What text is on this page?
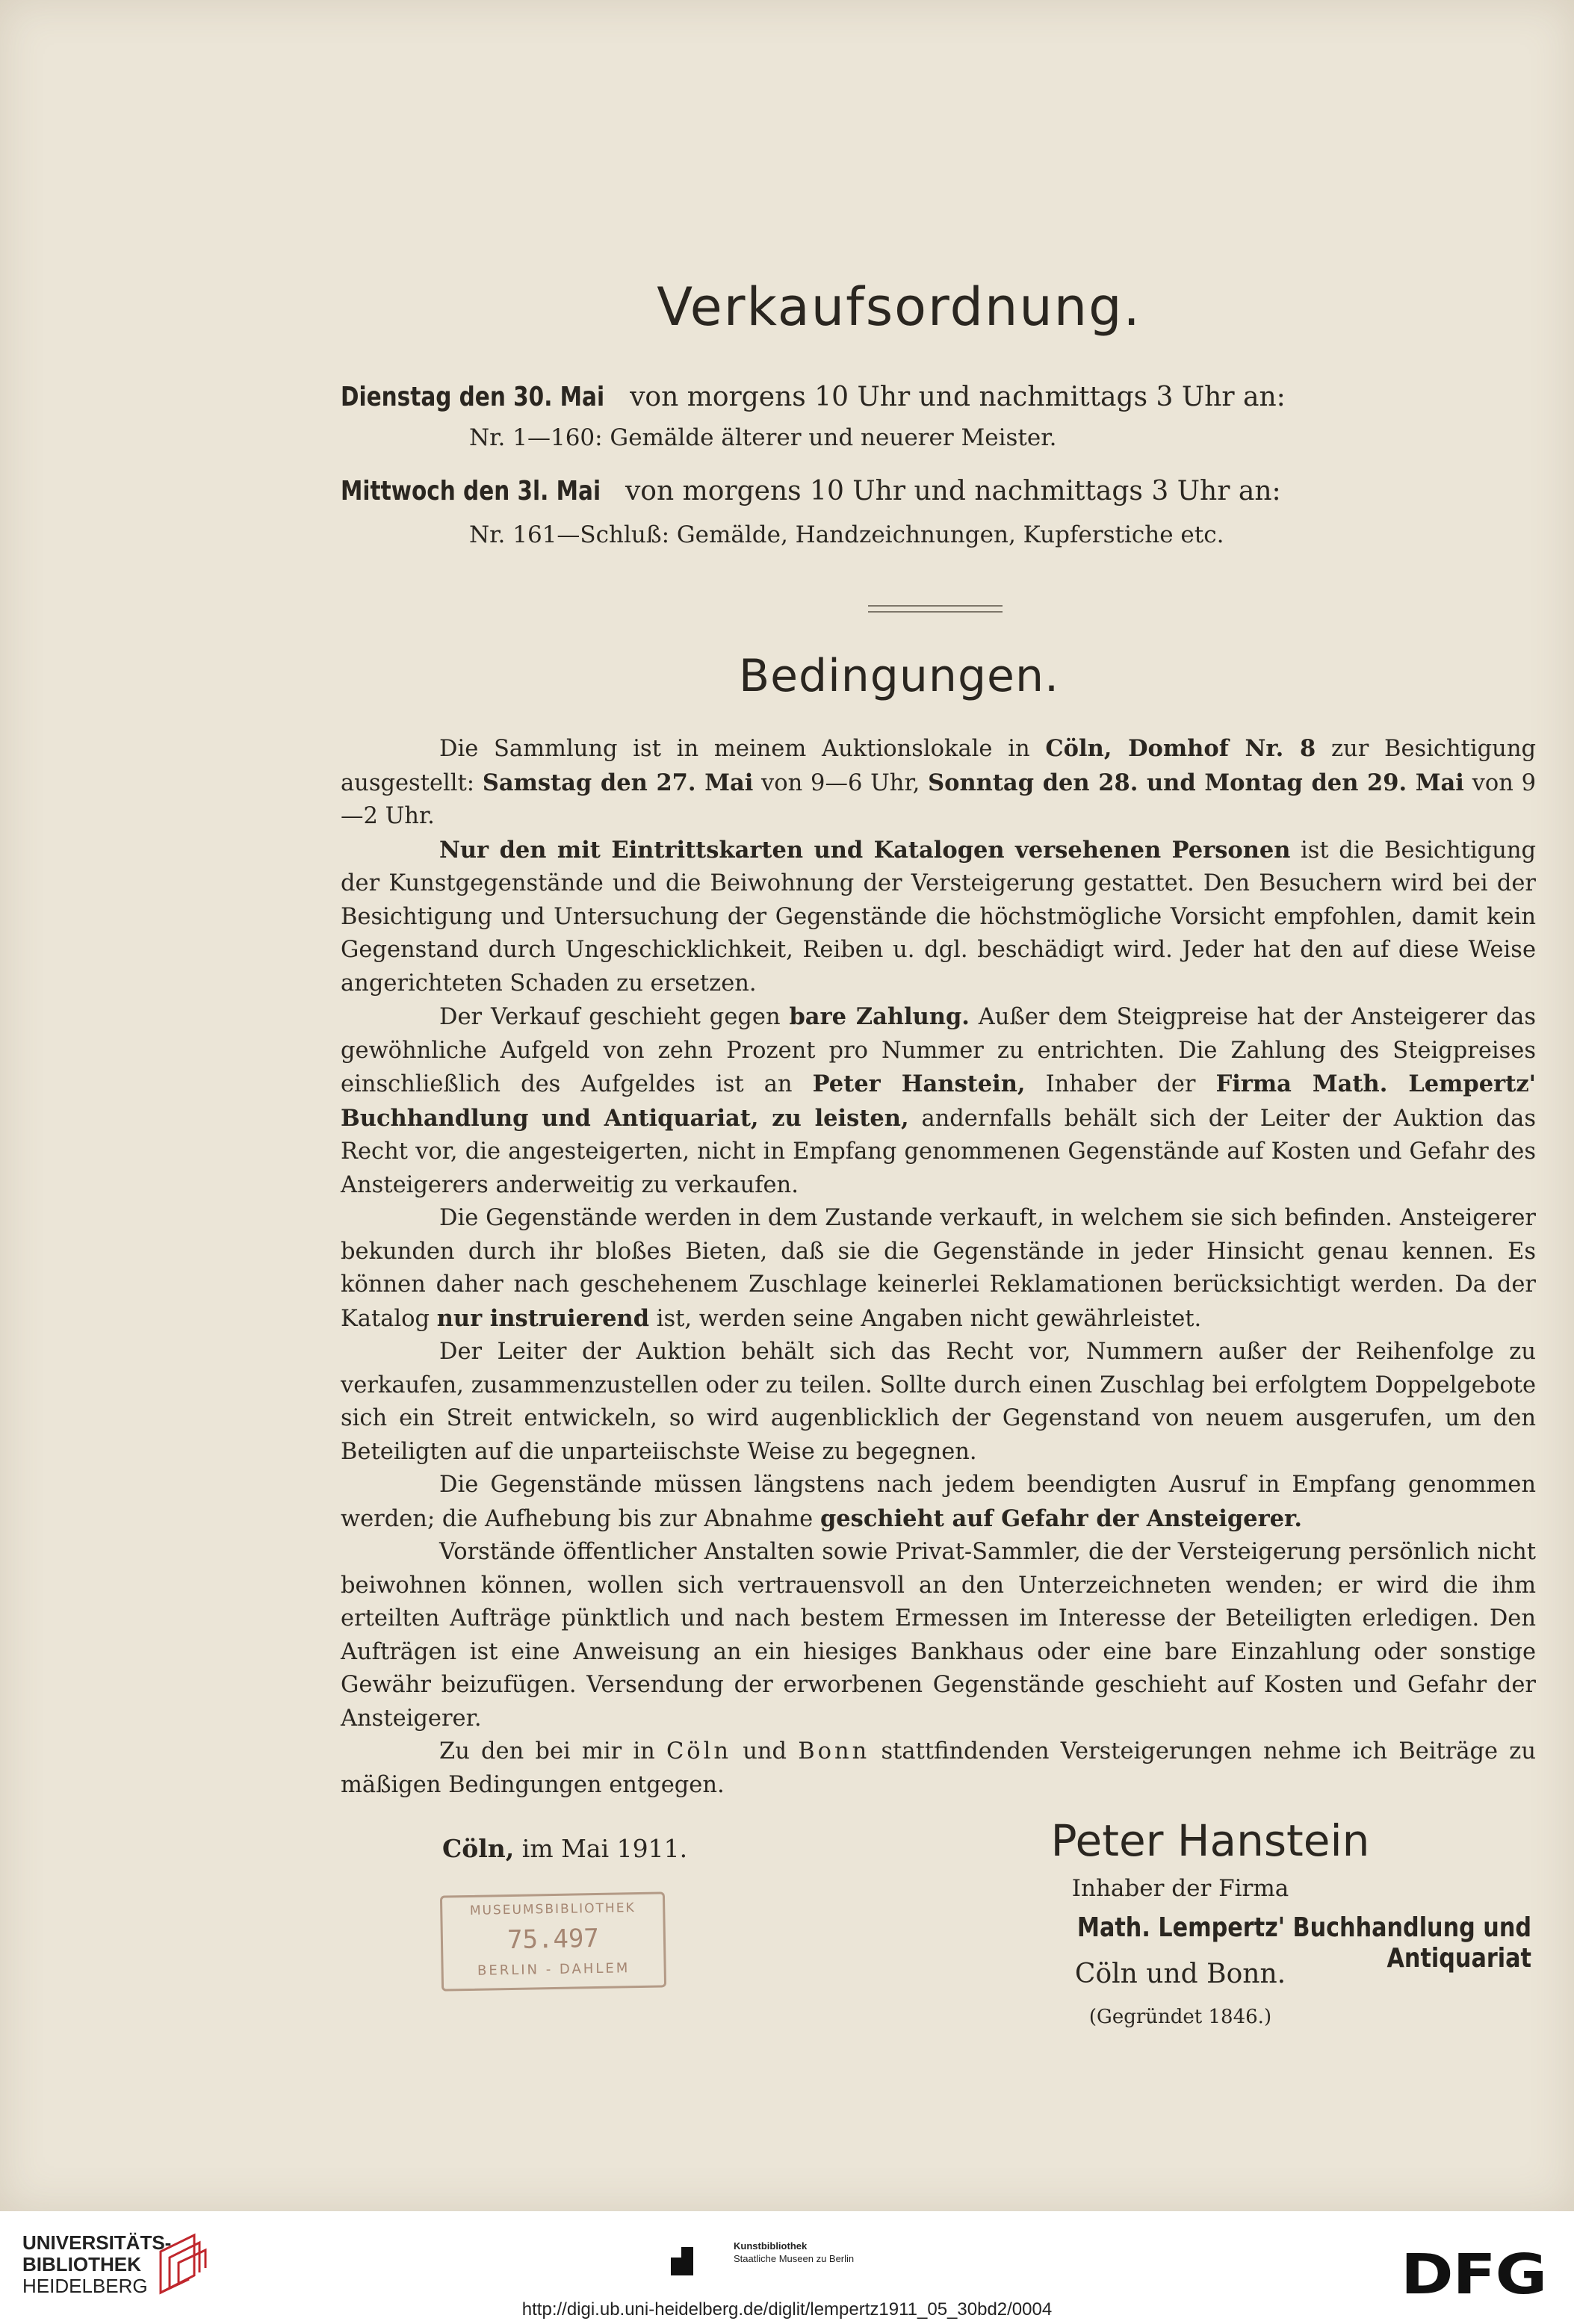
Verkaufsordnung.
Dienstag den 30. Mai von morgens 10 Uhr und nachmittags 3 Uhr an:
Nr. 1—160: Gemälde älterer und neuerer Meister.
Mittwoch den 3l. Mai von morgens 10 Uhr und nachmittags 3 Uhr an:
Nr. 161—Schluß: Gemälde, Handzeichnungen, Kupferstiche etc.
Bedingungen.

Die Sammlung ist in meinem Auktionslokale in Cöln, Domhof Nr. 8 zur Besichtigung ausgestellt: Samstag den 27. Mai von 9—6 Uhr, Sonntag den 28. und Montag den 29. Mai von 9—2 Uhr.

Nur den mit Eintrittskarten und Katalogen versehenen Personen ist die Besichtigung der Kunstgegenstände und die Beiwohnung der Versteigerung gestattet. Den Besuchern wird bei der Besichtigung und Untersuchung der Gegenstände die höchstmögliche Vorsicht empfohlen, damit kein Gegenstand durch Ungeschicklichkeit, Reiben u. dgl. beschädigt wird. Jeder hat den auf diese Weise angerichteten Schaden zu ersetzen.

Der Verkauf geschieht gegen bare Zahlung. Außer dem Steigpreise hat der Ansteigerer das gewöhnliche Aufgeld von zehn Prozent pro Nummer zu entrichten. Die Zahlung des Steigpreises einschließlich des Aufgeldes ist an Peter Hanstein, Inhaber der Firma Math. Lempertz' Buchhandlung und Antiquariat, zu leisten, andernfalls behält sich der Leiter der Auktion das Recht vor, die angesteigerten, nicht in Empfang genommenen Gegenstände auf Kosten und Gefahr des Ansteigerers anderweitig zu verkaufen.

Die Gegenstände werden in dem Zustande verkauft, in welchem sie sich befinden. Ansteigerer bekunden durch ihr bloßes Bieten, daß sie die Gegenstände in jeder Hinsicht genau kennen. Es können daher nach geschehenem Zuschlage keinerlei Reklamationen berücksichtigt werden. Da der Katalog nur instruierend ist, werden seine Angaben nicht gewährleistet.

Der Leiter der Auktion behält sich das Recht vor, Nummern außer der Reihenfolge zu verkaufen, zusammenzustellen oder zu teilen. Sollte durch einen Zuschlag bei erfolgtem Doppelgebote sich ein Streit entwickeln, so wird augenblicklich der Gegenstand von neuem ausgerufen, um den Beteiligten auf die unparteiischste Weise zu begegnen.

Die Gegenstände müssen längstens nach jedem beendigten Ausruf in Empfang genommen werden; die Aufhebung bis zur Abnahme geschieht auf Gefahr der Ansteigerer.

Vorstände öffentlicher Anstalten sowie Privat-Sammler, die der Versteigerung persönlich nicht beiwohnen können, wollen sich vertrauensvoll an den Unterzeichneten wenden; er wird die ihm erteilten Aufträge pünktlich und nach bestem Ermessen im Interesse der Beteiligten erledigen. Den Aufträgen ist eine Anweisung an ein hiesiges Bankhaus oder eine bare Einzahlung oder sonstige Gewähr beizufügen. Versendung der erworbenen Gegenstände geschieht auf Kosten und Gefahr der Ansteigerer.

Zu den bei mir in Cöln und Bonn stattfindenden Versteigerungen nehme ich Beiträge zu mäßigen Bedingungen entgegen.

Cöln, im Mai 1911.
MUSEUMSBIBLIOTHEK
75.497
BERLIN - DAHLEM
Peter Hanstein
Inhaber der Firma
Math. Lempertz' Buchhandlung und Antiquariat
Cöln und Bonn.
(Gegründet 1846.)
UNIVERSITÄTS-
BIBLIOTHEK
HEIDELBERG
Kunstbibliothek
Staatliche Museen zu Berlin	DFG
http://digi.ub.uni-heidelberg.de/diglit/lempertz1911_05_30bd2/0004
